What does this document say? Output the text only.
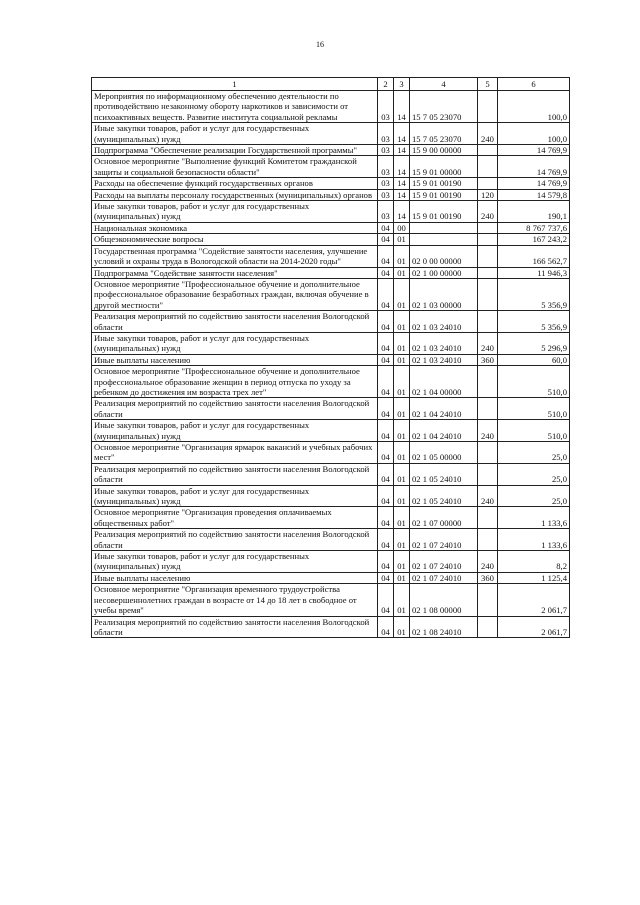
16
1	2	3	4	5	6
Мероприятия по информационному обеспечению деятельности по противодействию незаконному обороту наркотиков и зависимости от психоактивных веществ. Развитие института социальной рекламы	03	14	15 7 05 23070		100,0
Иные закупки товаров, работ и услуг для государственных (муниципальных) нужд	03	14	15 7 05 23070	240	100,0
Подпрограмма "Обеспечение реализации Государственной программы"	03	14	15 9 00 00000		14 769,9
Основное мероприятие "Выполнение функций Комитетом гражданской защиты и социальной безопасности области"	03	14	15 9 01 00000		14 769,9
Расходы на обеспечение функций государственных органов	03	14	15 9 01 00190		14 769,9
Расходы на выплаты персоналу государственных (муниципальных) органов	03	14	15 9 01 00190	120	14 579,8
Иные закупки товаров, работ и услуг для государственных (муниципальных) нужд	03	14	15 9 01 00190	240	190,1
Национальная экономика	04	00			8 767 737,6
Общеэкономические вопросы	04	01			167 243,2
Государственная программа "Содействие занятости населения, улучшение условий и охраны труда в Вологодской области на 2014-2020 годы"	04	01	02 0 00 00000		166 562,7
Подпрограмма "Содействие занятости населения"	04	01	02 1 00 00000		11 946,3
Основное мероприятие "Профессиональное обучение и дополнительное профессиональное образование безработных граждан, включая обучение в другой местности"	04	01	02 1 03 00000		5 356,9
Реализация мероприятий по содействию занятости населения Вологодской области	04	01	02 1 03 24010		5 356,9
Иные закупки товаров, работ и услуг для государственных (муниципальных) нужд	04	01	02 1 03 24010	240	5 296,9
Иные выплаты населению	04	01	02 1 03 24010	360	60,0
Основное мероприятие "Профессиональное обучение и дополнительное профессиональное образование женщин в период отпуска по уходу за ребенком до достижения им возраста трех лет"	04	01	02 1 04 00000		510,0
Реализация мероприятий по содействию занятости населения Вологодской области	04	01	02 1 04 24010		510,0
Иные закупки товаров, работ и услуг для государственных (муниципальных) нужд	04	01	02 1 04 24010	240	510,0
Основное мероприятие "Организация ярмарок вакансий и учебных рабочих мест"	04	01	02 1 05 00000		25,0
Реализация мероприятий по содействию занятости населения Вологодской области	04	01	02 1 05 24010		25,0
Иные закупки товаров, работ и услуг для государственных (муниципальных) нужд	04	01	02 1 05 24010	240	25,0
Основное мероприятие "Организация проведения оплачиваемых общественных работ"	04	01	02 1 07 00000		1 133,6
Реализация мероприятий по содействию занятости населения Вологодской области	04	01	02 1 07 24010		1 133,6
Иные закупки товаров, работ и услуг для государственных (муниципальных) нужд	04	01	02 1 07 24010	240	8,2
Иные выплаты населению	04	01	02 1 07 24010	360	1 125,4
Основное мероприятие "Организация временного трудоустройства несовершеннолетних граждан в возрасте от 14 до 18 лет в свободное от учебы время"	04	01	02 1 08 00000		2 061,7
Реализация мероприятий по содействию занятости населения Вологодской области	04	01	02 1 08 24010		2 061,7
